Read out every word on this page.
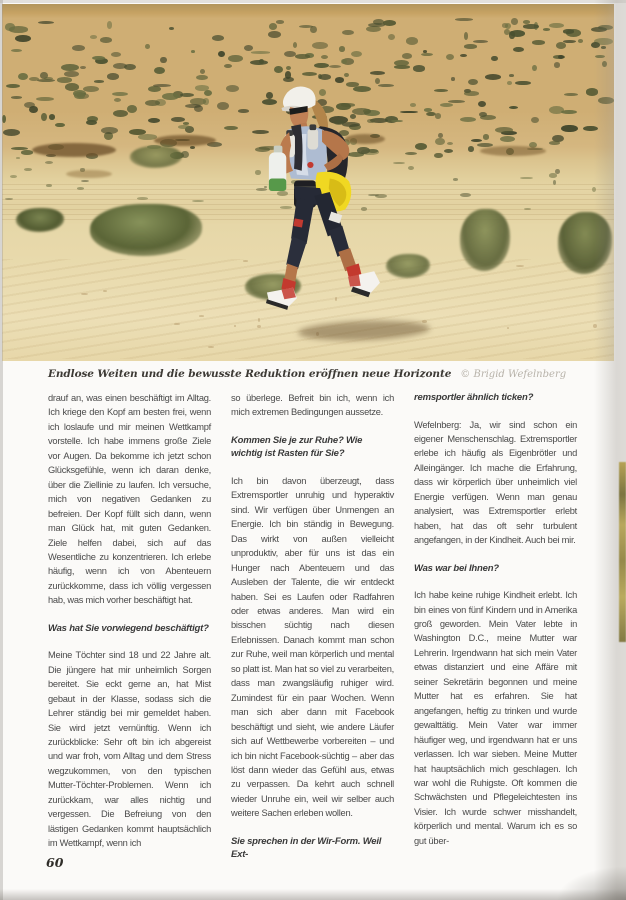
Endlose Weiten und die bewusste Reduktion eröffnen neue Horizonte © Brigid Wefelnberg

drauf an, was einen beschäftigt im Alltag. Ich kriege den Kopf am besten frei, wenn ich loslaufe und mir meinen Wettkampf vorstelle. Ich habe immens große Ziele vor Augen. Da bekomme ich jetzt schon Glücksgefühle, wenn ich daran denke, über die Ziellinie zu laufen. Ich versuche, mich von negativen Gedanken zu befreien. Der Kopf füllt sich dann, wenn man Glück hat, mit guten Gedanken. Ziele helfen dabei, sich auf das Wesentliche zu konzentrieren. Ich erlebe häufig, wenn ich von Abenteuern zurückkomme, dass ich völlig vergessen hab, was mich vorher beschäftigt hat.

Was hat Sie vorwiegend beschäftigt?

Meine Töchter sind 18 und 22 Jahre alt. Die jüngere hat mir unheimlich Sorgen bereitet. Sie eckt gerne an, hat Mist gebaut in der Klasse, sodass sich die Lehrer ständig bei mir gemeldet haben. Sie wird jetzt vernünftig. Wenn ich zurückblicke: Sehr oft bin ich abgereist und war froh, vom Alltag und dem Stress wegzukommen, von den typischen Mutter-Töchter-Problemen. Wenn ich zurückkam, war alles nichtig und vergessen. Die Befreiung von den lästigen Gedanken kommt hauptsächlich im Wettkampf, wenn ich

so überlege. Befreit bin ich, wenn ich mich extremen Bedingungen aussetze.

Kommen Sie je zur Ruhe? Wie wichtig ist Rasten für Sie?

Ich bin davon überzeugt, dass Extremsportler unruhig und hyperaktiv sind. Wir verfügen über Unmengen an Energie. Ich bin ständig in Bewegung. Das wirkt von außen vielleicht unproduktiv, aber für uns ist das ein Hunger nach Abenteuern und das Ausleben der Talente, die wir entdeckt haben. Sei es Laufen oder Radfahren oder etwas anderes. Man wird ein bisschen süchtig nach diesen Erlebnissen. Danach kommt man schon zur Ruhe, weil man körperlich und mental so platt ist. Man hat so viel zu verarbeiten, dass man zwangsläufig ruhiger wird. Zumindest für ein paar Wochen. Wenn man sich aber dann mit Facebook beschäftigt und sieht, wie andere Läufer sich auf Wettbewerbe vorbereiten – und ich bin nicht Facebook-süchtig – aber das löst dann wieder das Gefühl aus, etwas zu verpassen. Da kehrt auch schnell wieder Unruhe ein, weil wir selber auch weitere Sachen erleben wollen.

Sie sprechen in der Wir-Form. Weil Ext-
remsportler ähnlich ticken?

Wefelnberg: Ja, wir sind schon ein eigener Menschenschlag. Extremsportler erlebe ich häufig als Eigenbrötler und Alleingänger. Ich mache die Erfahrung, dass wir körperlich über unheimlich viel Energie verfügen. Wenn man genau analysiert, was Extremsportler erlebt haben, hat das oft sehr turbulent angefangen, in der Kindheit. Auch bei mir.

Was war bei Ihnen?

Ich habe keine ruhige Kindheit erlebt. Ich bin eines von fünf Kindern und in Amerika groß geworden. Mein Vater lebte in Washington D.C., meine Mutter war Lehrerin. Irgendwann hat sich mein Vater etwas distanziert und eine Affäre mit seiner Sekretärin begonnen und meine Mutter hat es erfahren. Sie hat angefangen, heftig zu trinken und wurde gewalttätig. Mein Vater war immer häufiger weg, und irgendwann hat er uns verlassen. Ich war sieben. Meine Mutter hat hauptsächlich mich geschlagen. Ich war wohl die Ruhigste. Oft kommen die Schwächsten und Pflegeleichtesten ins Visier. Ich wurde schwer misshandelt, körperlich und mental. Warum ich es so gut über-

60
